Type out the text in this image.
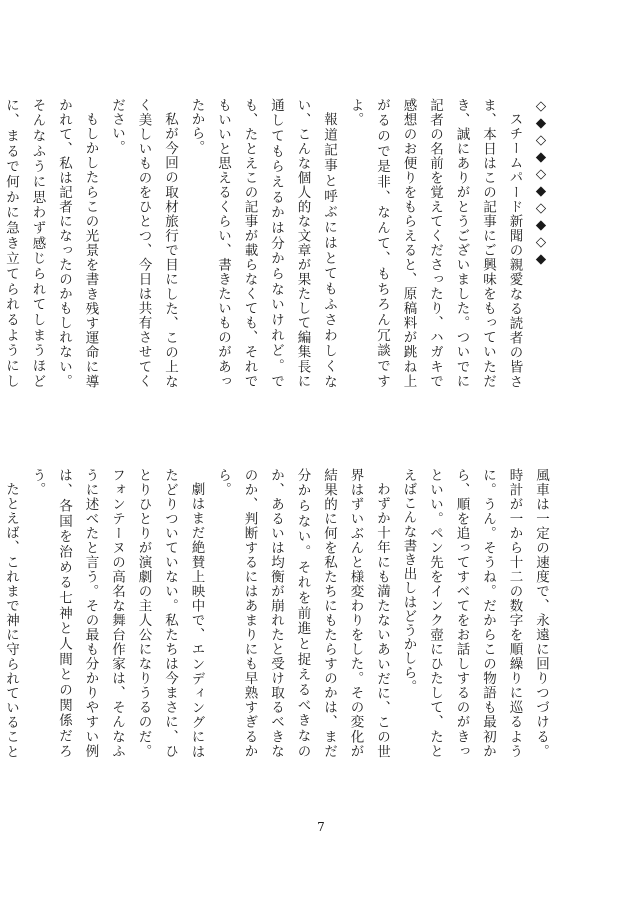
◇◆◇◆◇◆◇◆◇◆

スチームパード新聞の親愛なる読者の皆さま、本日はこの記事にご興味をもっていただき、誠にありがとうございました。ついでに記者の名前を覚えてくださったり、ハガキで感想のお便りをもらえると、原稿料が跳ね上がるので是非、なんて、もちろん冗談ですよ。

報道記事と呼ぶにはとてもふさわしくない、こんな個人的な文章が果たして編集長に通してもらえるかは分からないけれど。でも、たとえこの記事が載らなくても、それでもいいと思えるくらい、書きたいものがあったから。

私が今回の取材旅行で目にした、この上なく美しいものをひとつ、今日は共有させてください。

もしかしたらこの光景を書き残す運命に導かれて、私は記者になったのかもしれない。そんなふうに思わず感じられてしまうほどに、まるで何かに急き立てられるようにし

風車は一定の速度で、永遠に回りつづける。時計が一から十二の数字を順繰りに巡るように。うん。そうね。だからこの物語も最初から、順を追ってすべてをお話しするのがきっといい。ペン先をインク壺にひたして、たとえばこんな書き出しはどうかしら。

わずか十年にも満たないあいだに、この世界はずいぶんと様変わりをした。その変化が結果的に何を私たちにもたらすのかは、まだ分からない。それを前進と捉えるべきなのか、あるいは均衡が崩れたと受け取るべきなのか、判断するにはあまりにも早熟すぎるから。

劇はまだ絶賛上映中で、エンディングにはたどりついていない。私たちは今まさに、ひとりひとりが演劇の主人公になりうるのだ。フォンテーヌの高名な舞台作家は、そんなふうに述べたと言う。その最も分かりやすい例は、各国を治める七神と人間との関係だろう。

たとえば、これまで神に守られていること

7
